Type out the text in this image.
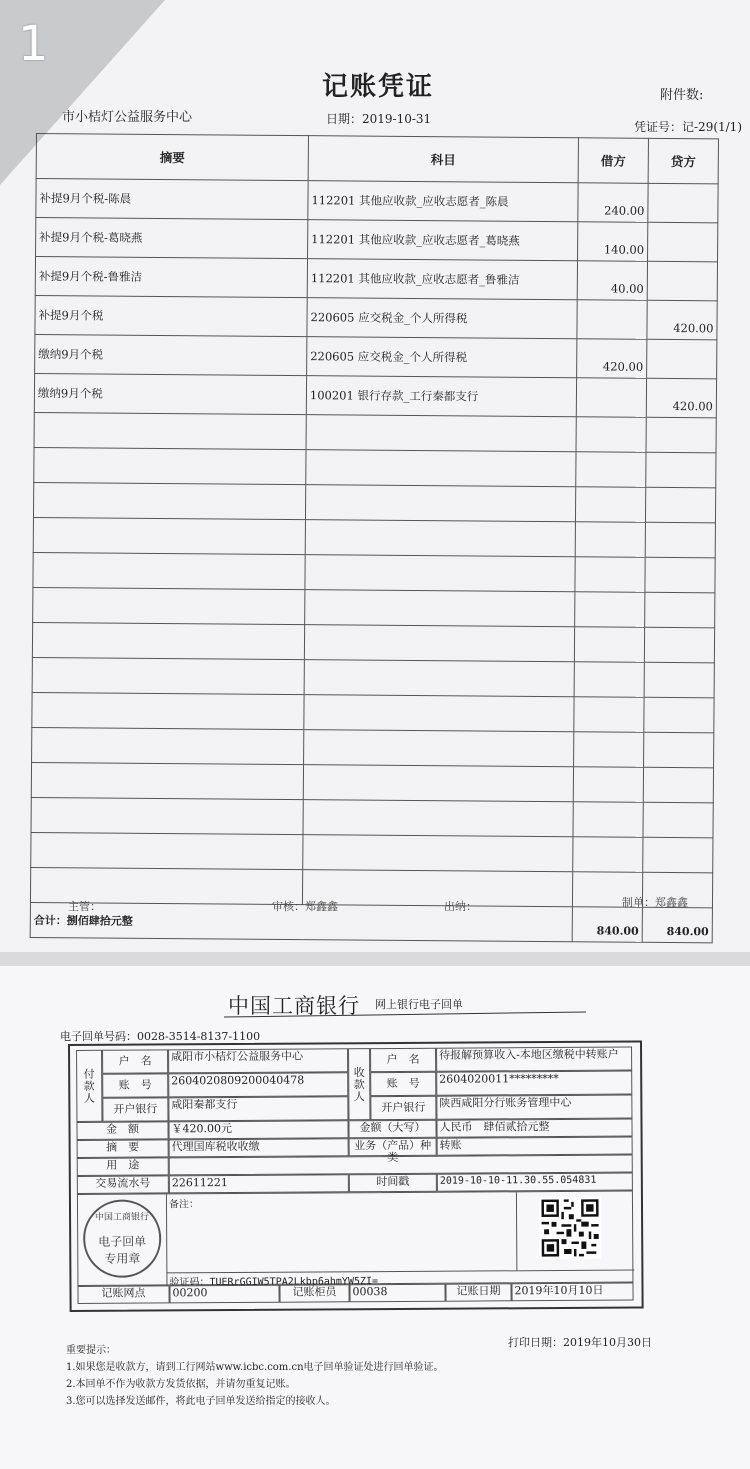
1
记账凭证	附件数:
市小桔灯公益服务中心	日期：2019-10-31
凭证号：记-29(1/1)
摘要	科目	借方	贷方
补提9月个税-陈晨	112201 其他应收款_应收志愿者_陈晨	240.00	
补提9月个税-葛晓燕	112201 其他应收款_应收志愿者_葛晓燕	140.00	
补提9月个税-鲁雅洁	112201 其他应收款_应收志愿者_鲁雅洁	40.00	
补提9月个税	220605 应交税金_个人所得税		420.00
缴纳9月个税	220605 应交税金_个人所得税	420.00	
缴纳9月个税	100201 银行存款_工行秦都支行		420.00

合计：捌佰肆拾元整		840.00	840.00
主管：	审核：郑鑫鑫	出纳：	制单：郑鑫鑫
中国工商银行 网上银行电子回单
电子回单号码：0028-3514-8137-1100
付款人
户　名	咸阳市小桔灯公益服务中心
账　号	2604020809200040478
开户银行	咸阳秦都支行
收款人
户　名	待报解预算收入-本地区缴税中转账户
账　号	2604020011*********
开户银行	陕西咸阳分行账务管理中心
金　额	￥420.00元	金额（大写）	人民币　肆佰贰拾元整
摘　要	代理国库税收收缴	业务（产品）种类
转账
用　途
交易流水号	22611221	时间戳	2019-10-10-11.30.55.054831
备注：
中国工商银行
电子回单
专用章
验证码：TUERrGGIW5TPA2Lkbp6ahmYW5ZI=
记账网点	00200	记账柜员	00038	记账日期	2019年10月10日
打印日期：2019年10月30日
重要提示：
1.如果您是收款方，请到工行网站www.icbc.com.cn电子回单验证处进行回单验证。
2.本回单不作为收款方发货依据，并请勿重复记账。
3.您可以选择发送邮件，将此电子回单发送给指定的接收人。
